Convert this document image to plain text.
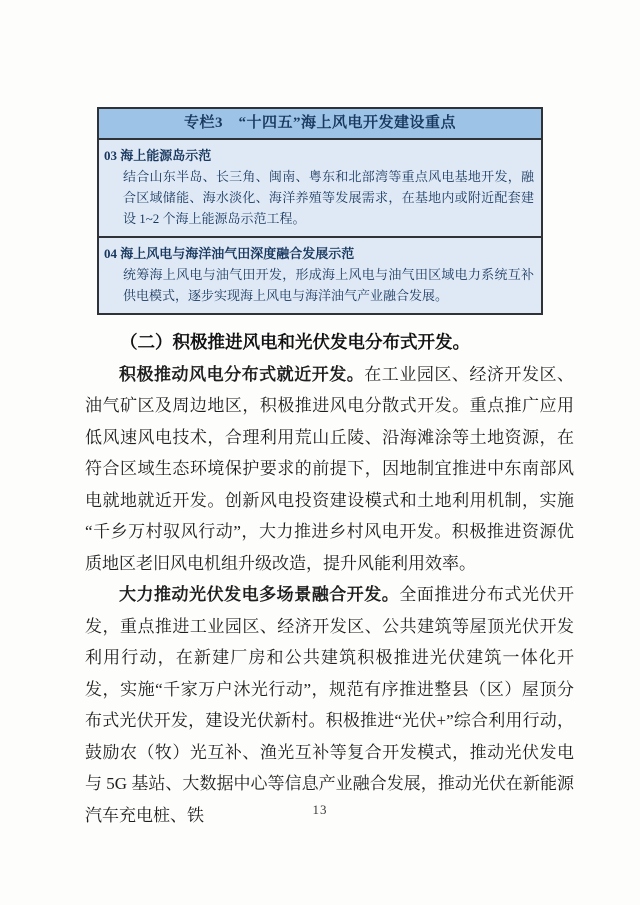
专栏3　“十四五”海上风电开发建设重点

03 海上能源岛示范

结合山东半岛、长三角、闽南、粤东和北部湾等重点风电基地开发，融合区域储能、海水淡化、海洋养殖等发展需求，在基地内或附近配套建设 1~2 个海上能源岛示范工程。

04 海上风电与海洋油气田深度融合发展示范

统筹海上风电与油气田开发，形成海上风电与油气田区域电力系统互补供电模式，逐步实现海上风电与海洋油气产业融合发展。

（二）积极推进风电和光伏发电分布式开发。

积极推动风电分布式就近开发。在工业园区、经济开发区、油气矿区及周边地区，积极推进风电分散式开发。重点推广应用低风速风电技术，合理利用荒山丘陵、沿海滩涂等土地资源，在符合区域生态环境保护要求的前提下，因地制宜推进中东南部风电就地就近开发。创新风电投资建设模式和土地利用机制，实施“千乡万村驭风行动”，大力推进乡村风电开发。积极推进资源优质地区老旧风电机组升级改造，提升风能利用效率。

大力推动光伏发电多场景融合开发。全面推进分布式光伏开发，重点推进工业园区、经济开发区、公共建筑等屋顶光伏开发利用行动，在新建厂房和公共建筑积极推进光伏建筑一体化开发，实施“千家万户沐光行动”，规范有序推进整县（区）屋顶分布式光伏开发，建设光伏新村。积极推进“光伏+”综合利用行动，鼓励农（牧）光互补、渔光互补等复合开发模式，推动光伏发电与 5G 基站、大数据中心等信息产业融合发展，推动光伏在新能源汽车充电桩、铁	13
